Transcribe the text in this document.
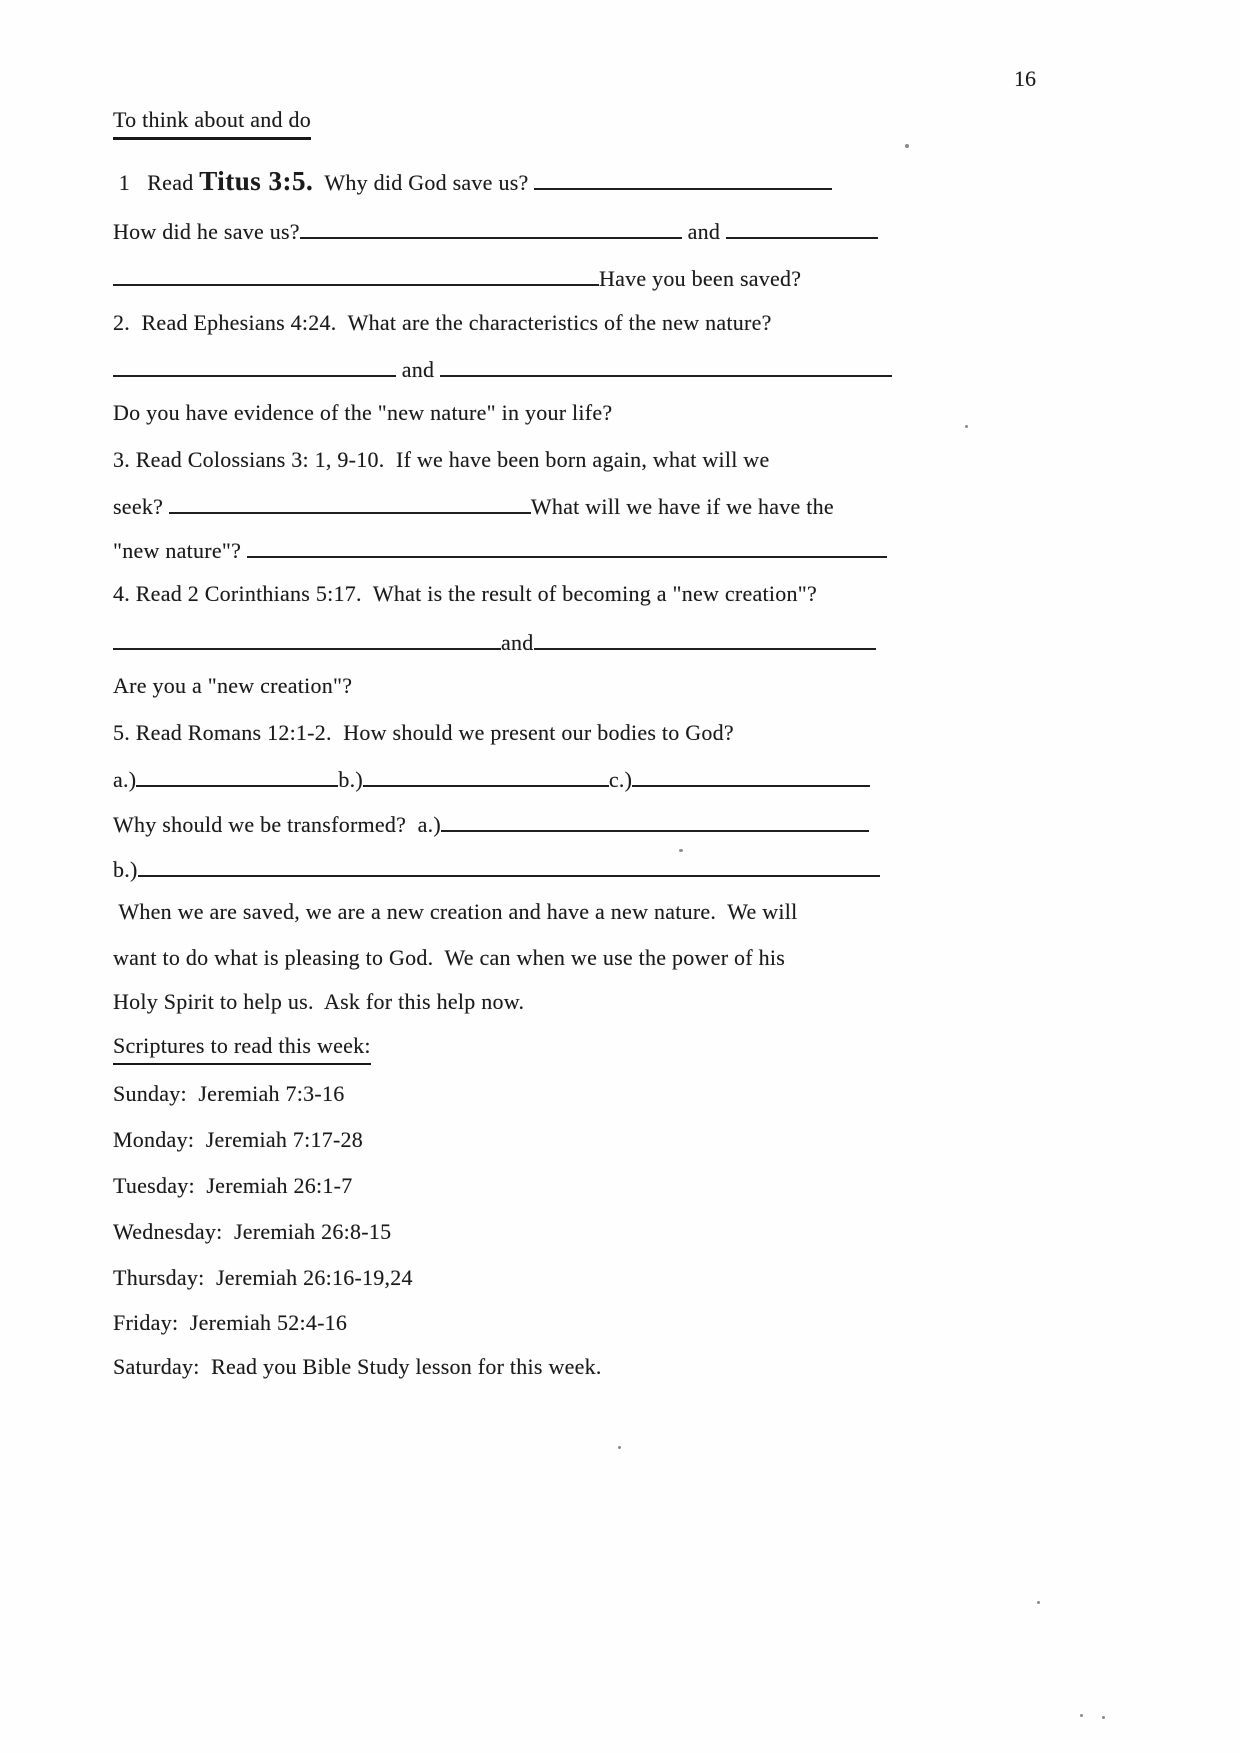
16
To think about and do
1   Read Titus 3:5.  Why did God save us?
How did he save us?	and
Have you been saved?
2.  Read Ephesians 4:24.  What are the characteristics of the new nature?
and
Do you have evidence of the "new nature" in your life?
3. Read Colossians 3: 1, 9-10.  If we have been born again, what will we
seek?	What will we have if we have the
"new nature"?
4. Read 2 Corinthians 5:17.  What is the result of becoming a "new creation"?
and
Are you a "new creation"?
5. Read Romans 12:1-2.  How should we present our bodies to God?
a.)	b.)	c.)
Why should we be transformed?  a.)
b.)
When we are saved, we are a new creation and have a new nature.  We will
want to do what is pleasing to God.  We can when we use the power of his
Holy Spirit to help us.  Ask for this help now.
Scriptures to read this week:
Sunday:  Jeremiah 7:3-16
Monday:  Jeremiah 7:17-28
Tuesday:  Jeremiah 26:1-7
Wednesday:  Jeremiah 26:8-15
Thursday:  Jeremiah 26:16-19,24
Friday:  Jeremiah 52:4-16
Saturday:  Read you Bible Study lesson for this week.
